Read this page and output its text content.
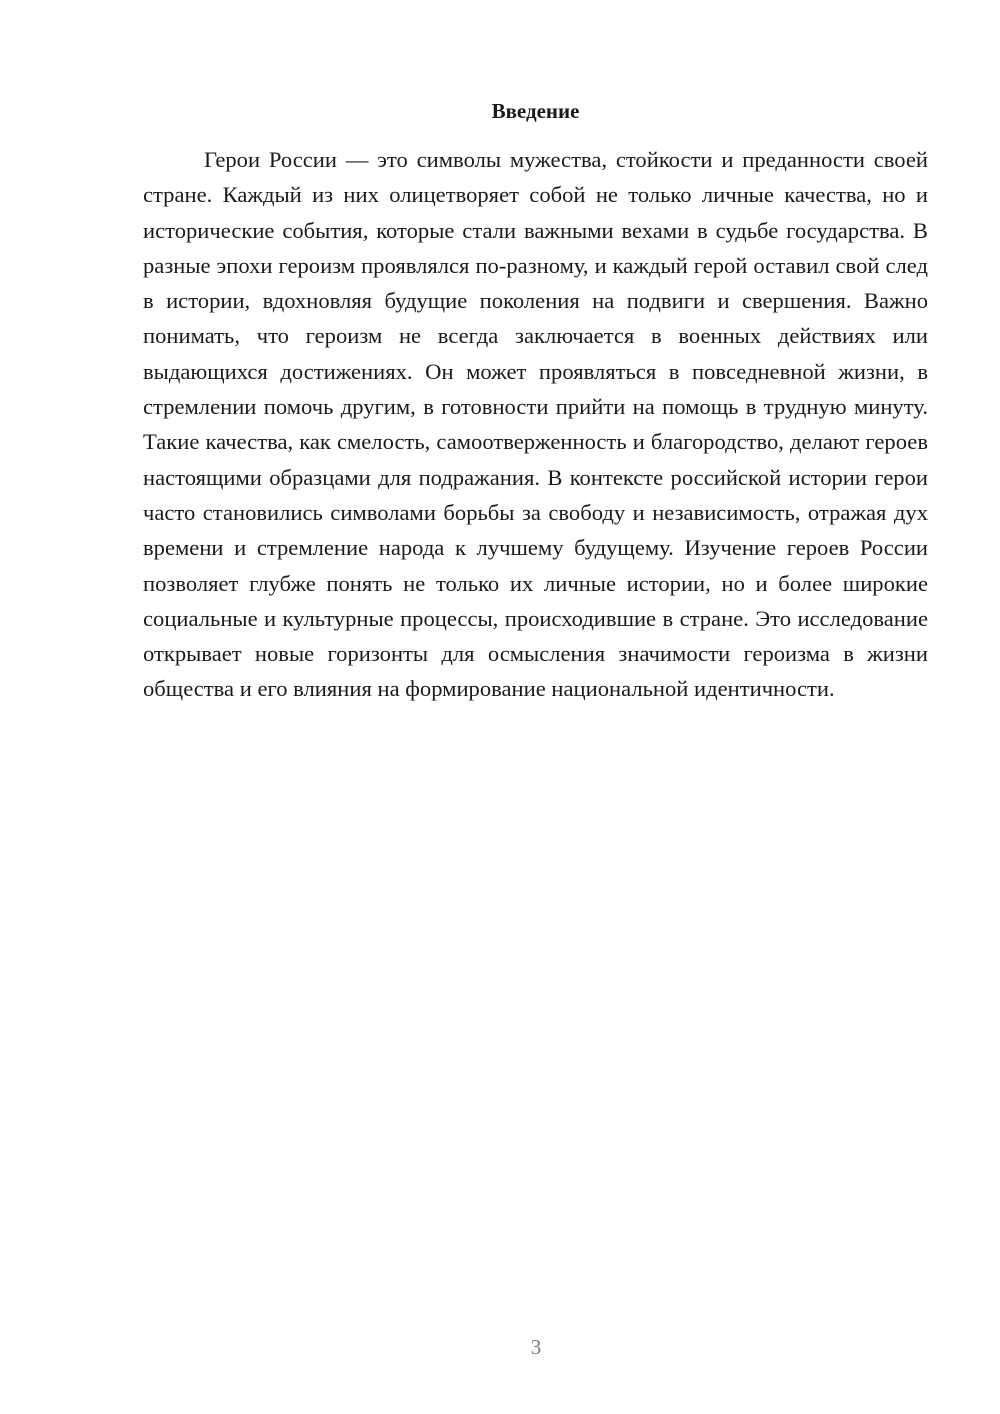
Введение

Герои России — это символы мужества, стойкости и преданности своей стране. Каждый из них олицетворяет собой не только личные качества, но и исторические события, которые стали важными вехами в судьбе государства. В разные эпохи героизм проявлялся по-разному, и каждый герой оставил свой след в истории, вдохновляя будущие поколения на подвиги и свершения. Важно понимать, что героизм не всегда заключается в военных действиях или выдающихся достижениях. Он может проявляться в повседневной жизни, в стремлении помочь другим, в готовности прийти на помощь в трудную минуту. Такие качества, как смелость, самоотверженность и благородство, делают героев настоящими образцами для подражания. В контексте российской истории герои часто становились символами борьбы за свободу и независимость, отражая дух времени и стремление народа к лучшему будущему. Изучение героев России позволяет глубже понять не только их личные истории, но и более широкие социальные и культурные процессы, происходившие в стране. Это исследование открывает новые горизонты для осмысления значимости героизма в жизни общества и его влияния на формирование национальной идентичности.

3
